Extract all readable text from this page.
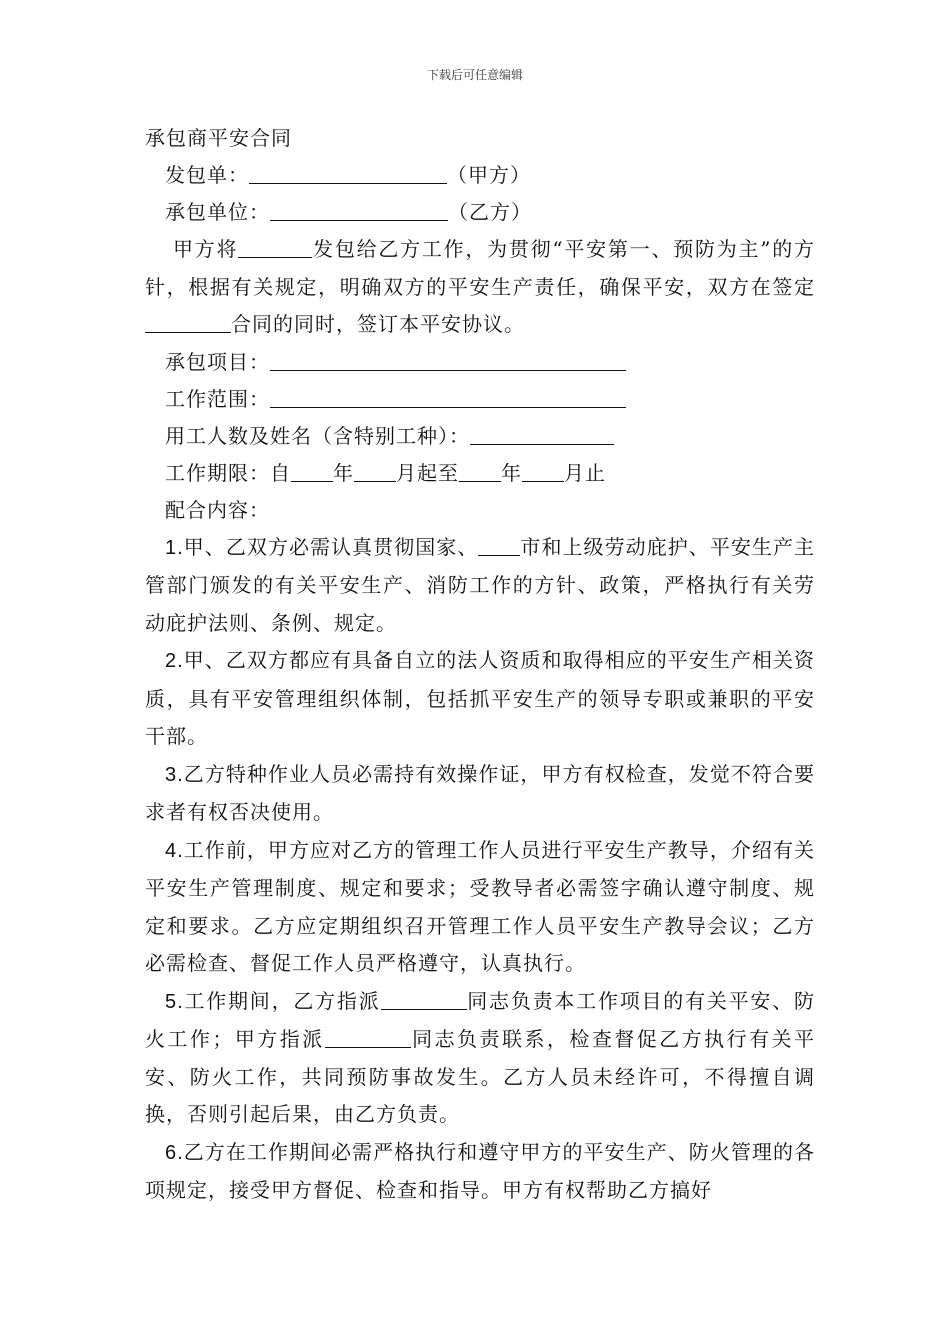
下载后可任意编辑
承包商平安合同
发包单：	（甲方）
承包单位：	（乙方）
甲方将	发包给乙方工作，为贯彻“平安第一、预防为主”的方针，根据有关规定，明确双方的平安生产责任，确保平安，双方在签定合同的同时，签订本平安协议。
承包项目：
工作范围：
用工人数及姓名（含特别工种）：
工作期限：自 年 月起至 年 月止
配合内容：
1.甲、乙双方必需认真贯彻国家、 市和上级劳动庇护、平安生产主管部门颁发的有关平安生产、消防工作的方针、政策，严格执行有关劳动庇护法则、条例、规定。
2.甲、乙双方都应有具备自立的法人资质和取得相应的平安生产相关资质，具有平安管理组织体制，包括抓平安生产的领导专职或兼职的平安干部。
3.乙方特种作业人员必需持有效操作证，甲方有权检查，发觉不符合要求者有权否决使用。
4.工作前，甲方应对乙方的管理工作人员进行平安生产教导，介绍有关平安生产管理制度、规定和要求；受教导者必需签字确认遵守制度、规定和要求。乙方应定期组织召开管理工作人员平安生产教导会议；乙方必需检查、督促工作人员严格遵守，认真执行。
5.工作期间，乙方指派	同志负责本工作项目的有关平安、防火工作；甲方指派	同志负责联系，检查督促乙方执行有关平安、防火工作，共同预防事故发生。乙方人员未经许可，不得擅自调换，否则引起后果，由乙方负责。
6.乙方在工作期间必需严格执行和遵守甲方的平安生产、防火管理的各项规定，接受甲方督促、检查和指导。甲方有权帮助乙方搞好
